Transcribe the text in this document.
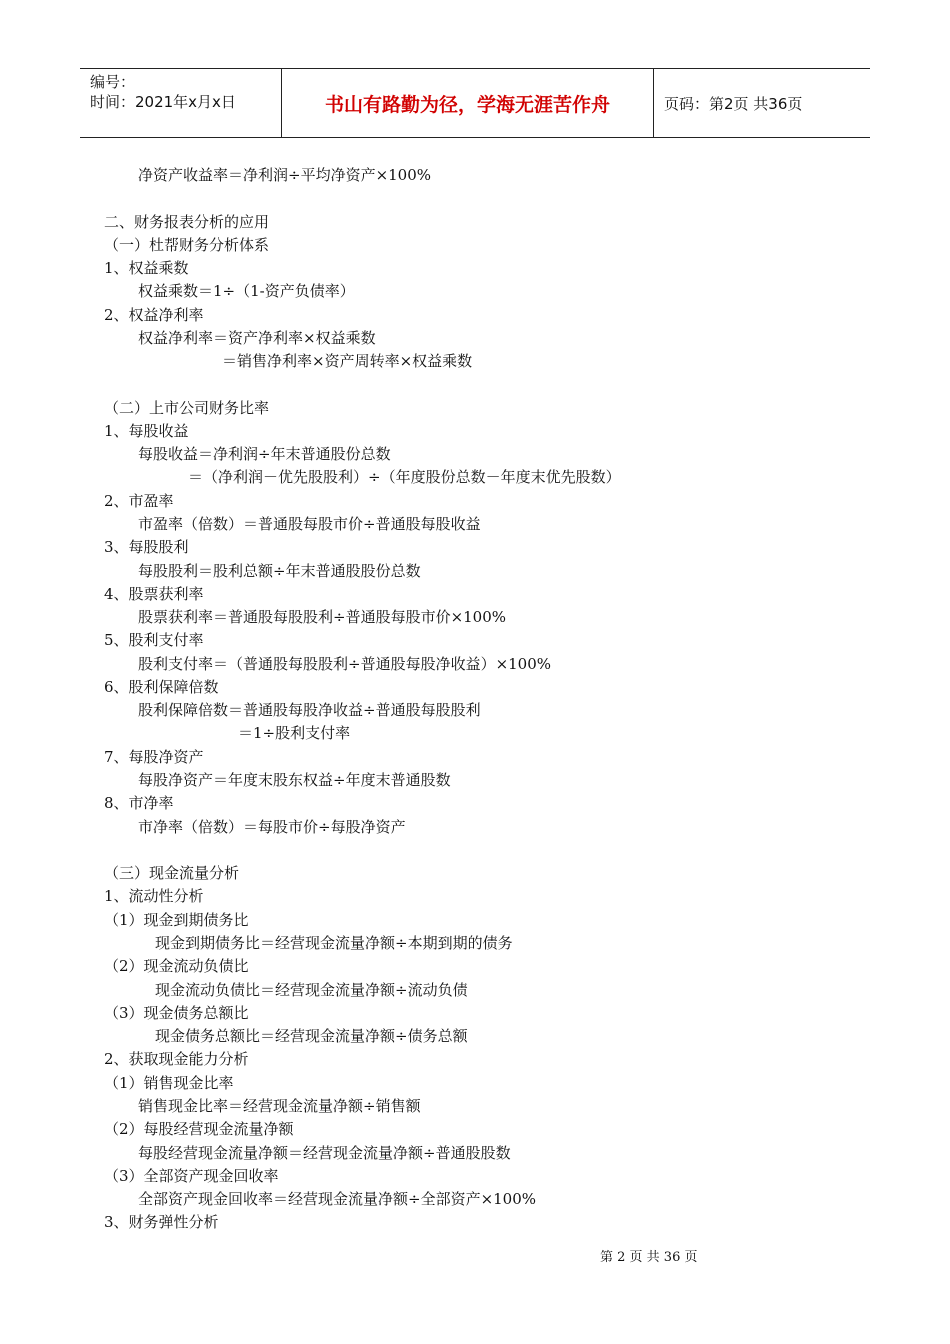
编号：
时间：2021年x月x日	书山有路勤为径，学海无涯苦作舟	页码：第2页 共36页
净资产收益率＝净利润÷平均净资产×100%
二、财务报表分析的应用
（一）杜帮财务分析体系
1、权益乘数
权益乘数＝1÷（1-资产负债率）
2、权益净利率
权益净利率＝资产净利率×权益乘数
＝销售净利率×资产周转率×权益乘数
（二）上市公司财务比率
1、每股收益
每股收益＝净利润÷年末普通股份总数
＝（净利润－优先股股利）÷（年度股份总数－年度末优先股数）
2、市盈率
市盈率（倍数）＝普通股每股市价÷普通股每股收益
3、每股股利
每股股利＝股利总额÷年末普通股股份总数
4、股票获利率
股票获利率＝普通股每股股利÷普通股每股市价×100%
5、股利支付率
股利支付率＝（普通股每股股利÷普通股每股净收益）×100%
6、股利保障倍数
股利保障倍数＝普通股每股净收益÷普通股每股股利
＝1÷股利支付率
7、每股净资产
每股净资产＝年度末股东权益÷年度末普通股数
8、市净率
市净率（倍数）＝每股市价÷每股净资产
（三）现金流量分析
1、流动性分析
（1）现金到期债务比
现金到期债务比＝经营现金流量净额÷本期到期的债务
（2）现金流动负债比
现金流动负债比＝经营现金流量净额÷流动负债
（3）现金债务总额比
现金债务总额比＝经营现金流量净额÷债务总额
2、获取现金能力分析
（1）销售现金比率
销售现金比率＝经营现金流量净额÷销售额
（2）每股经营现金流量净额
每股经营现金流量净额＝经营现金流量净额÷普通股股数
（3）全部资产现金回收率
全部资产现金回收率＝经营现金流量净额÷全部资产×100%
3、财务弹性分析
第 2 页 共 36 页
